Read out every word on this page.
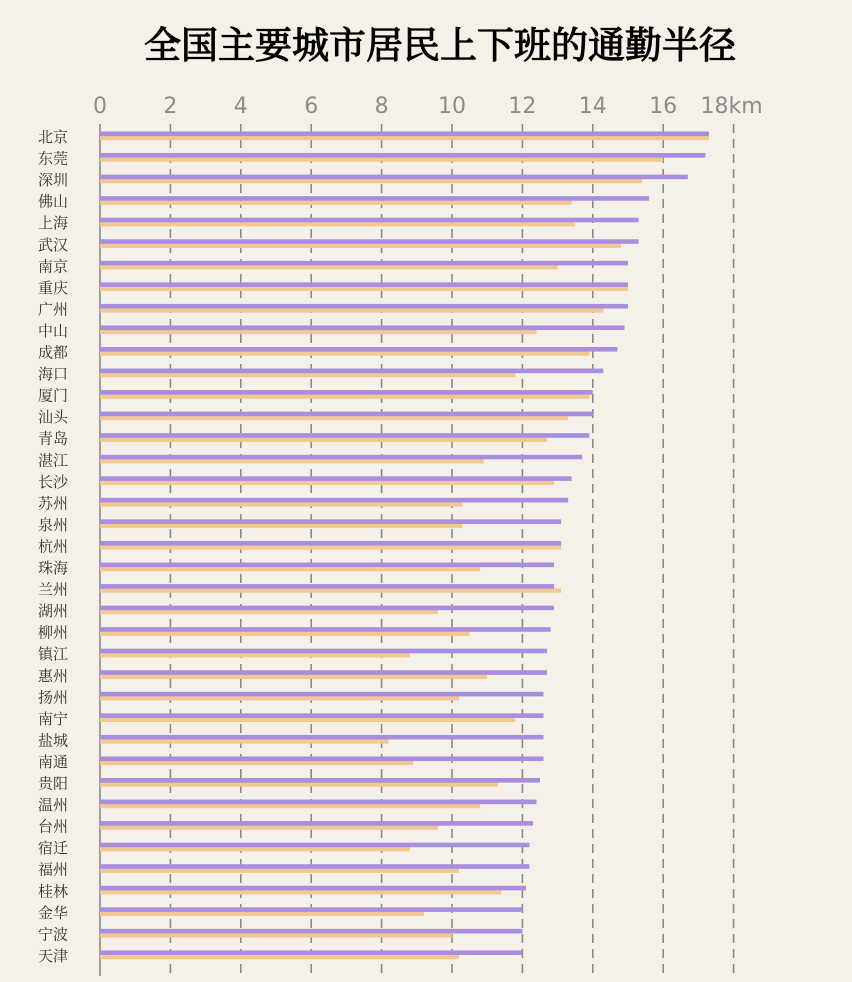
全国主要城市居民上下班的通勤半径
0	2	4	6	8 10 12 14 16 18km
北京
东莞
深圳
佛山
上海
武汉
南京
重庆
广州
中山
成都
海口
厦门
汕头
青岛
湛江
长沙
苏州
泉州
杭州
珠海
兰州
湖州
柳州
镇江
惠州
扬州
南宁
盐城
南通
贵阳
温州
台州
宿迁
福州
桂林
金华
宁波
天津
